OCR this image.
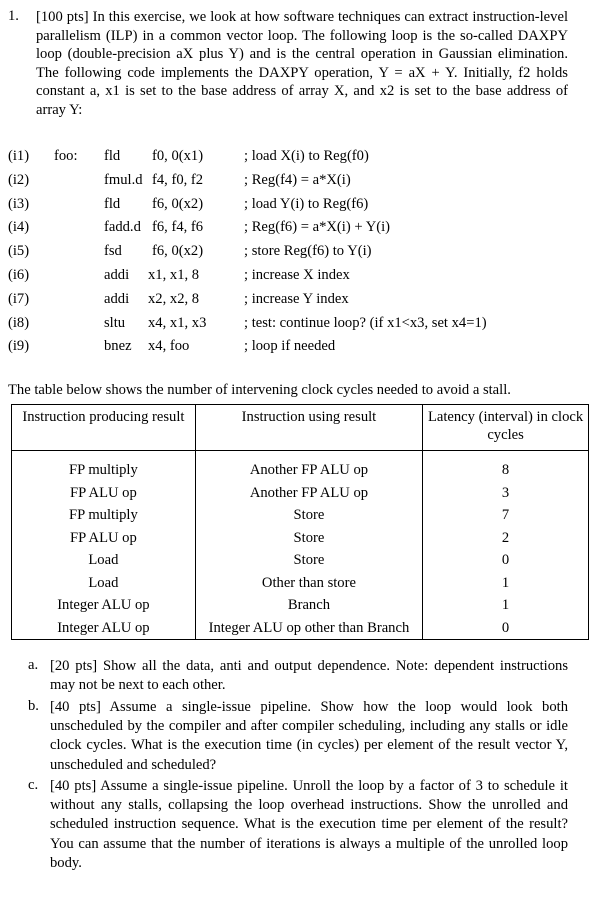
1. [100 pts] In this exercise, we look at how software techniques can extract instruction-level parallelism (ILP) in a common vector loop. The following loop is the so-called DAXPY loop (double-precision aX plus Y) and is the central operation in Gaussian elimination. The following code implements the DAXPY operation, Y = aX + Y. Initially, f2 holds constant a, x1 is set to the base address of array X, and x2 is set to the base address of array Y:
(i1) foo: fld f0, 0(x1)	; load X(i) to Reg(f0)
(i2)	fmul.d f4, f0, f2	; Reg(f4) = a*X(i)
(i3)	fld f6, 0(x2)	; load Y(i) to Reg(f6)
(i4)	fadd.d f6, f4, f6	; Reg(f6) = a*X(i) + Y(i)
(i5)	fsd f6, 0(x2)	; store Reg(f6) to Y(i)
(i6)	addi x1, x1, 8	; increase X index
(i7)	addi x2, x2, 8	; increase Y index
(i8)	sltu x4, x1, x3	; test: continue loop? (if x1<x3, set x4=1)
(i9)	bnez x4, foo	; loop if needed
The table below shows the number of intervening clock cycles needed to avoid a stall.
Instruction producing result	Instruction using result	Latency (interval) in clock cycles

FP multiply	Another FP ALU op	8
FP ALU op	Another FP ALU op	3
FP multiply	Store	7
FP ALU op	Store	2
Load	Store	0
Load	Other than store	1
Integer ALU op	Branch	1
Integer ALU op	Integer ALU op other than Branch	0
a. [20 pts] Show all the data, anti and output dependence. Note: dependent instructions may not be next to each other.
b. [40 pts] Assume a single-issue pipeline. Show how the loop would look both unscheduled by the compiler and after compiler scheduling, including any stalls or idle clock cycles. What is the execution time (in cycles) per element of the result vector Y, unscheduled and scheduled?
c. [40 pts] Assume a single-issue pipeline. Unroll the loop by a factor of 3 to schedule it without any stalls, collapsing the loop overhead instructions. Show the unrolled and scheduled instruction sequence. What is the execution time per element of the result? You can assume that the number of iterations is always a multiple of the unrolled loop body.
